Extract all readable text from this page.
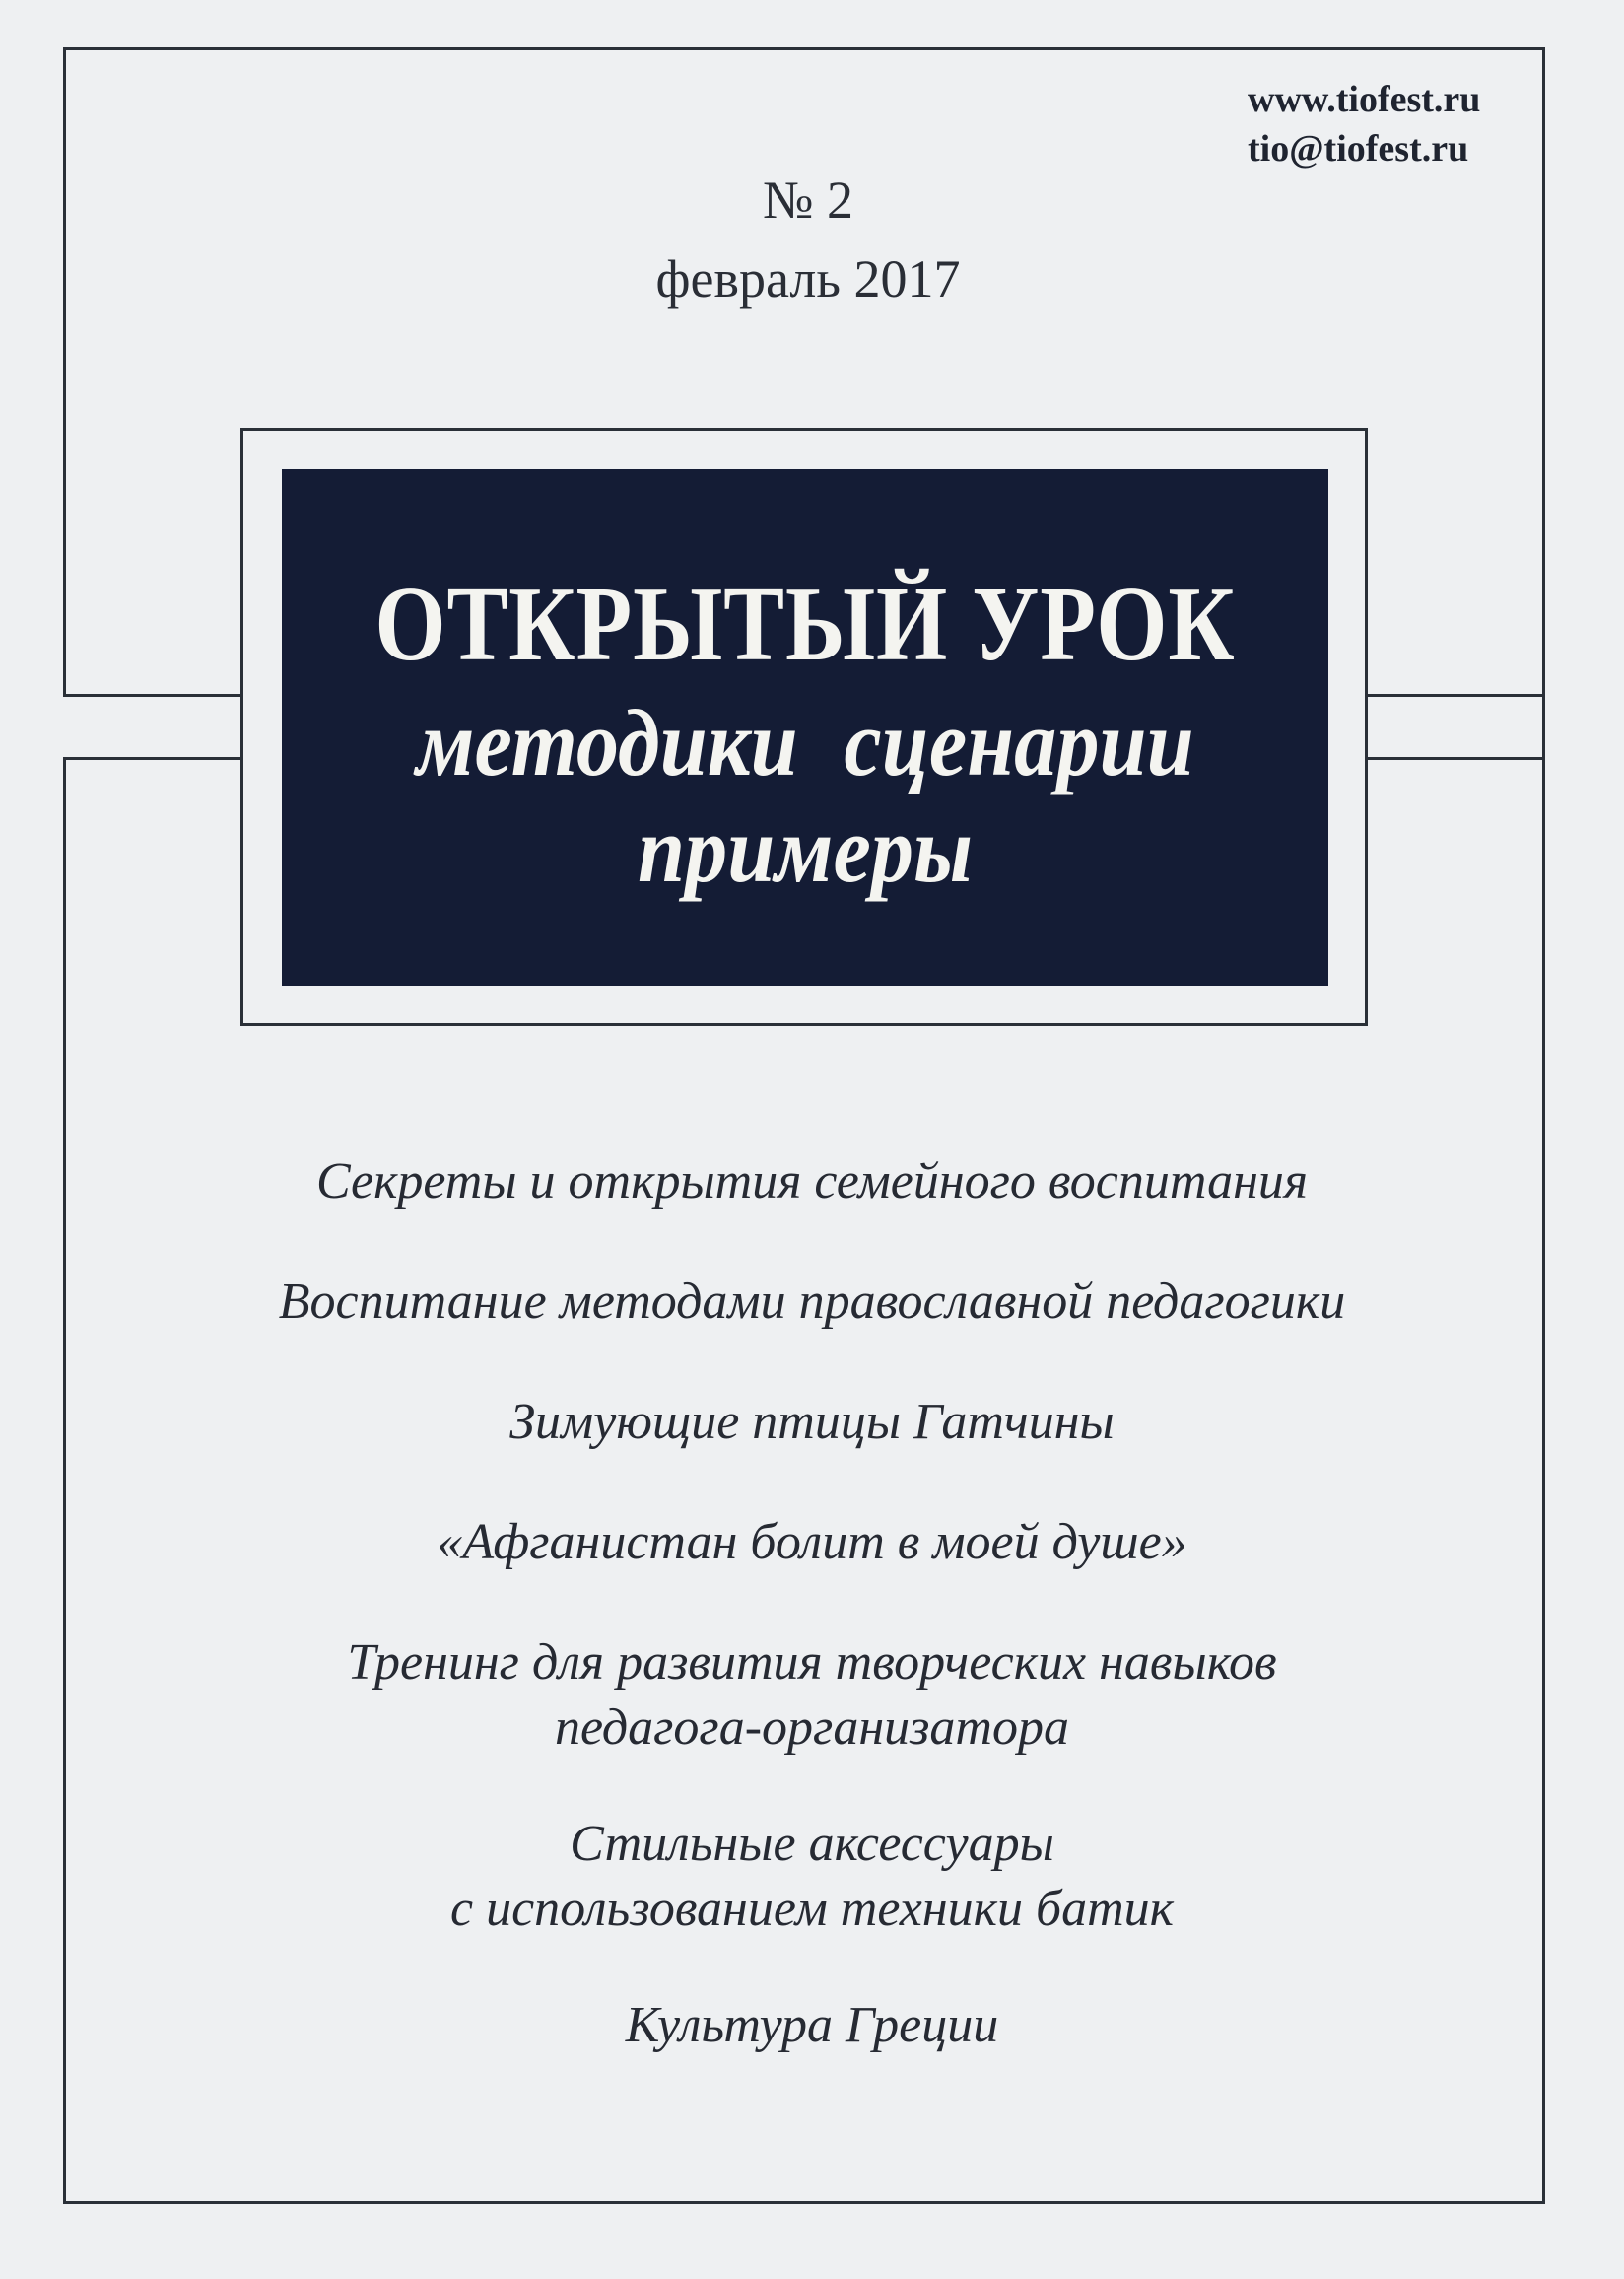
www.tiofest.ru
tio@tiofest.ru
№ 2
февраль 2017
ОТКРЫТЫЙ УРОК
методики сценарии
примеры
Секреты и открытия семейного воспитания
Воспитание методами православной педагогики
Зимующие птицы Гатчины
«Афганистан болит в моей душе»
Тренинг для развития творческих навыков
педагога-организатора
Стильные аксессуары
с использованием техники батик
Культура Греции
